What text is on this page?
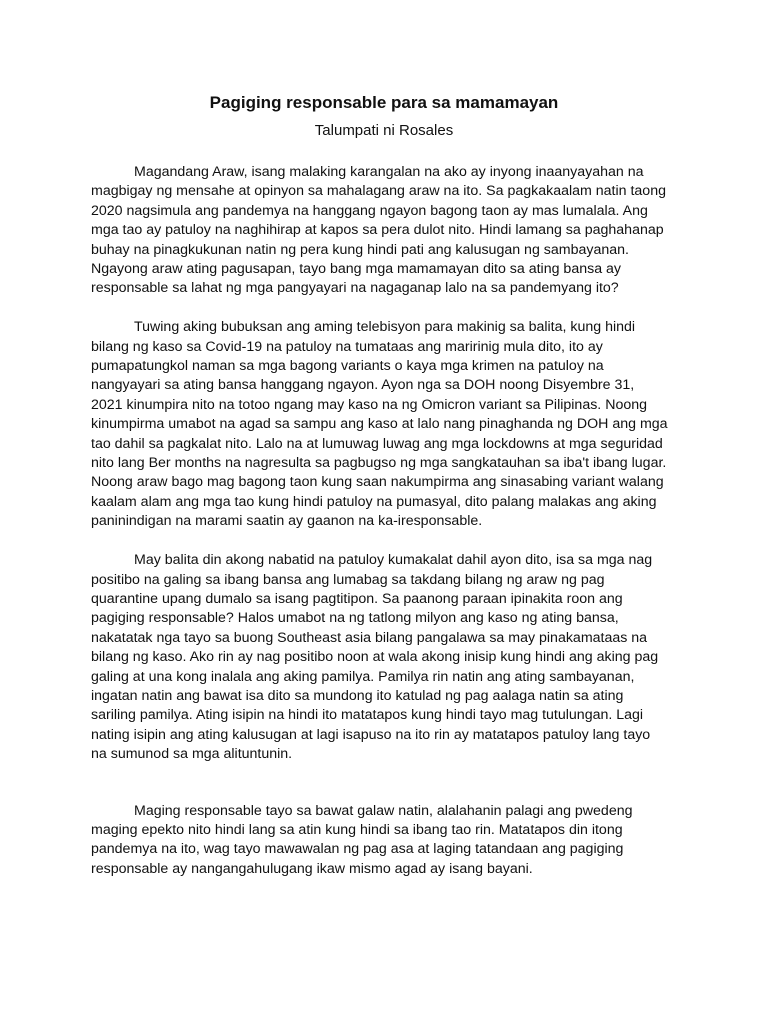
Pagiging responsable para sa mamamayan
Talumpati ni Rosales
Magandang Araw, isang malaking karangalan na ako ay inyong inaanyayahan na
magbigay ng mensahe at opinyon sa mahalagang araw na ito. Sa pagkakaalam natin taong
2020 nagsimula ang pandemya na hanggang ngayon bagong taon ay mas lumalala. Ang
mga tao ay patuloy na naghihirap at kapos sa pera dulot nito. Hindi lamang sa paghahanap
buhay na pinagkukunan natin ng pera kung hindi pati ang kalusugan ng sambayanan.
Ngayong araw ating pagusapan, tayo bang mga mamamayan dito sa ating bansa ay
responsable sa lahat ng mga pangyayari na nagaganap lalo na sa pandemyang ito?
Tuwing aking bubuksan ang aming telebisyon para makinig sa balita, kung hindi
bilang ng kaso sa Covid-19 na patuloy na tumataas ang maririnig mula dito, ito ay
pumapatungkol naman sa mga bagong variants o kaya mga krimen na patuloy na
nangyayari sa ating bansa hanggang ngayon. Ayon nga sa DOH noong Disyembre 31,
2021 kinumpira nito na totoo ngang may kaso na ng Omicron variant sa Pilipinas. Noong
kinumpirma umabot na agad sa sampu ang kaso at lalo nang pinaghanda ng DOH ang mga
tao dahil sa pagkalat nito. Lalo na at lumuwag luwag ang mga lockdowns at mga seguridad
nito lang Ber months na nagresulta sa pagbugso ng mga sangkatauhan sa iba't ibang lugar.
Noong araw bago mag bagong taon kung saan nakumpirma ang sinasabing variant walang
kaalam alam ang mga tao kung hindi patuloy na pumasyal, dito palang malakas ang aking
paninindigan na marami saatin ay gaanon na ka-iresponsable.
May balita din akong nabatid na patuloy kumakalat dahil ayon dito, isa sa mga nag
positibo na galing sa ibang bansa ang lumabag sa takdang bilang ng araw ng pag
quarantine upang dumalo sa isang pagtitipon. Sa paanong paraan ipinakita roon ang
pagiging responsable? Halos umabot na ng tatlong milyon ang kaso ng ating bansa,
nakatatak nga tayo sa buong Southeast asia bilang pangalawa sa may pinakamataas na
bilang ng kaso. Ako rin ay nag positibo noon at wala akong inisip kung hindi ang aking pag
galing at una kong inalala ang aking pamilya. Pamilya rin natin ang ating sambayanan,
ingatan natin ang bawat isa dito sa mundong ito katulad ng pag aalaga natin sa ating
sariling pamilya. Ating isipin na hindi ito matatapos kung hindi tayo mag tutulungan. Lagi
nating isipin ang ating kalusugan at lagi isapuso na ito rin ay matatapos patuloy lang tayo
na sumunod sa mga alituntunin.
Maging responsable tayo sa bawat galaw natin, alalahanin palagi ang pwedeng
maging epekto nito hindi lang sa atin kung hindi sa ibang tao rin. Matatapos din itong
pandemya na ito, wag tayo mawawalan ng pag asa at laging tatandaan ang pagiging
responsable ay nangangahulugang ikaw mismo agad ay isang bayani.
